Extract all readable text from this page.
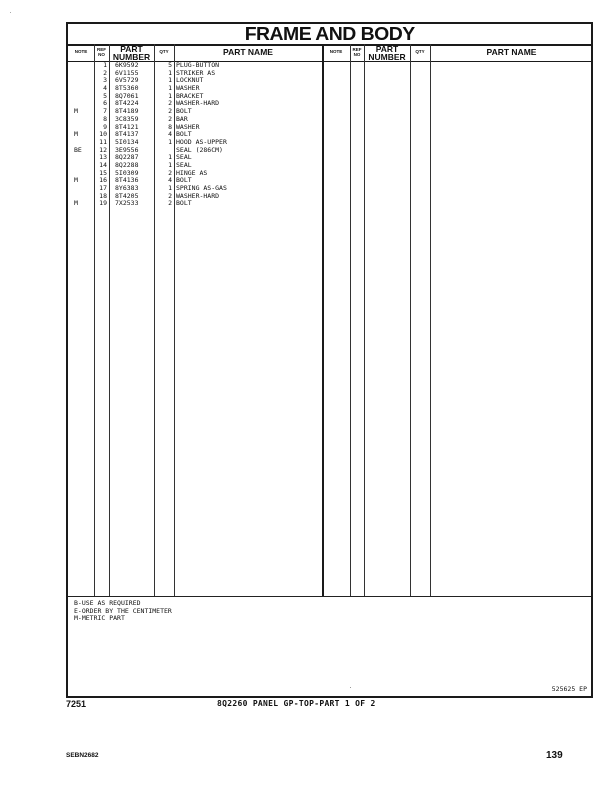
FRAME AND BODY
NOTE	REF NO
PART NUMBER	QTY	PART NAME	NOTE	REF NO
PART NUMBER	QTY	PART NAME
1 6K9592	5 PLUG-BUTTON
2 6V1155	1 STRIKER AS
3 6V5729	1 LOCKNUT
4 8T5360	1 WASHER
5 8Q7061	1 BRACKET
6 8T4224	2 WASHER-HARD
M	7 8T4189	2 BOLT
8 3C8359	2 BAR
9 8T4121	8 WASHER
M	10 8T4137	4 BOLT
11 5I0134	1 HOOD AS-UPPER
BE	12 3E9556	SEAL (286CM)
13 8Q2287	1 SEAL
14 8Q2288	1 SEAL
15 5I0309	2 HINGE AS
M	16 8T4136	4 BOLT
17 8Y6383	1 SPRING AS-GAS
18 8T4205	2 WASHER-HARD
M	19 7X2533	2 BOLT
B-USE AS REQUIRED
E-ORDER BY THE CENTIMETER
M-METRIC PART
525625 EP
7251	8Q2260 PANEL GP-TOP-PART 1 OF 2
SEBN2682	139
